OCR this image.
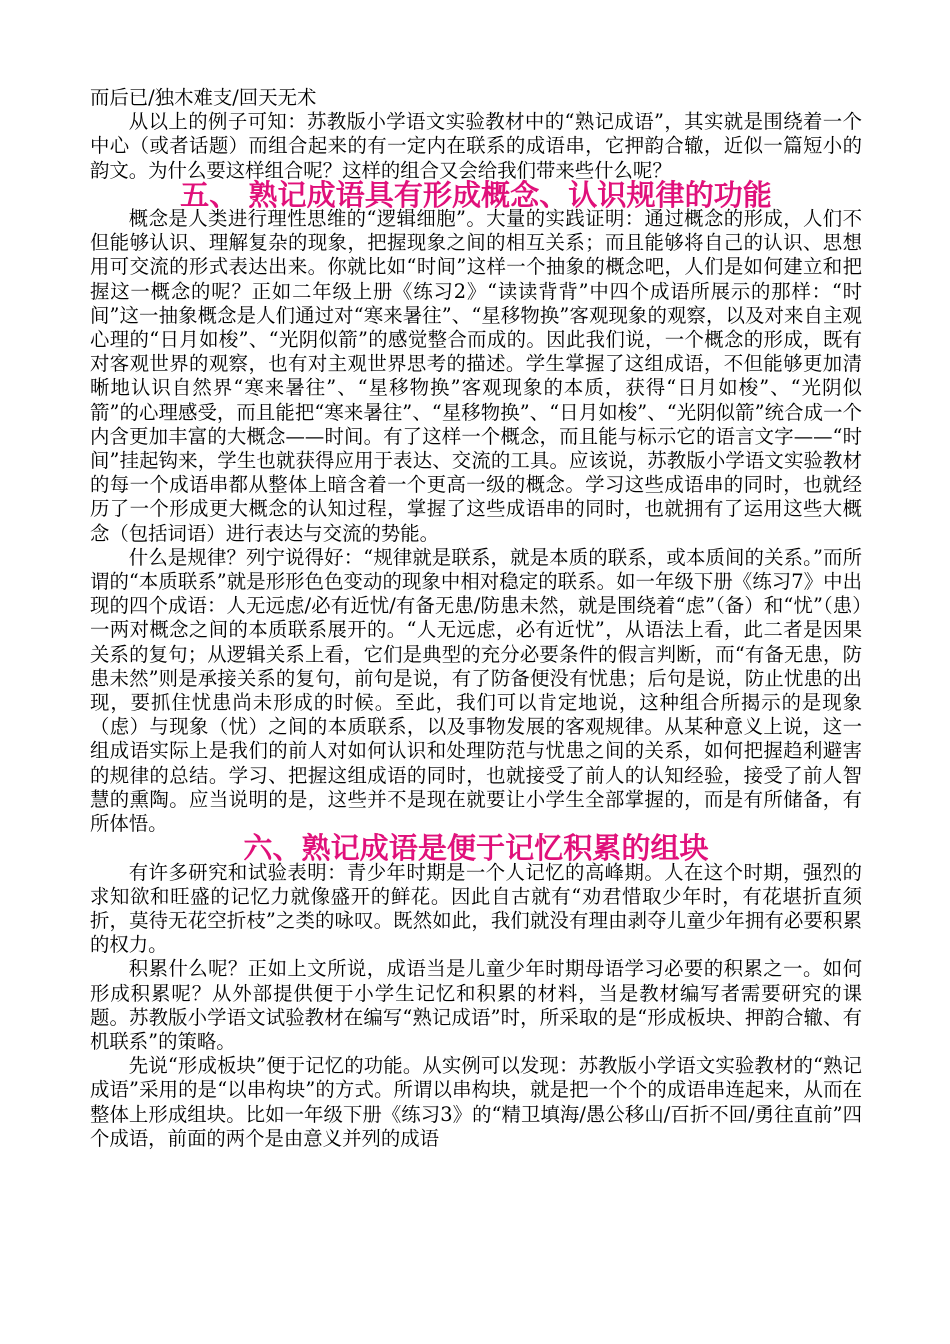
而后已/独木难支/回天无术

从以上的例子可知：苏教版小学语文实验教材中的“熟记成语”，其实就是围绕着一个中心（或者话题）而组合起来的有一定内在联系的成语串，它押韵合辙，近似一篇短小的韵文。为什么要这样组合呢？这样的组合又会给我们带来些什么呢？

五、 熟记成语具有形成概念、认识规律的功能

概念是人类进行理性思维的“逻辑细胞”。大量的实践证明：通过概念的形成，人们不但能够认识、理解复杂的现象，把握现象之间的相互关系；而且能够将自己的认识、思想用可交流的形式表达出来。你就比如“时间”这样一个抽象的概念吧，人们是如何建立和把握这一概念的呢？正如二年级上册《练习2》“读读背背”中四个成语所展示的那样：“时间”这一抽象概念是人们通过对“寒来暑往”、“星移物换”客观现象的观察，以及对来自主观心理的“日月如梭”、“光阴似箭”的感觉整合而成的。因此我们说，一个概念的形成，既有对客观世界的观察，也有对主观世界思考的描述。学生掌握了这组成语，不但能够更加清晰地认识自然界“寒来暑往”、“星移物换”客观现象的本质，获得“日月如梭”、“光阴似箭”的心理感受，而且能把“寒来暑往”、“星移物换”、“日月如梭”、“光阴似箭”统合成一个内含更加丰富的大概念——时间。有了这样一个概念，而且能与标示它的语言文字——“时间”挂起钩来，学生也就获得应用于表达、交流的工具。应该说，苏教版小学语文实验教材的每一个成语串都从整体上暗含着一个更高一级的概念。学习这些成语串的同时，也就经历了一个形成更大概念的认知过程，掌握了这些成语串的同时，也就拥有了运用这些大概念（包括词语）进行表达与交流的势能。

什么是规律？列宁说得好：“规律就是联系，就是本质的联系，或本质间的关系。”而所谓的“本质联系”就是形形色色变动的现象中相对稳定的联系。如一年级下册《练习7》中出现的四个成语：人无远虑/必有近忧/有备无患/防患未然，就是围绕着“虑”（备）和“忧”（患）一两对概念之间的本质联系展开的。“人无远虑，必有近忧”，从语法上看，此二者是因果关系的复句；从逻辑关系上看，它们是典型的充分必要条件的假言判断，而“有备无患，防患未然”则是承接关系的复句，前句是说，有了防备便没有忧患；后句是说，防止忧患的出现，要抓住忧患尚未形成的时候。至此，我们可以肯定地说，这种组合所揭示的是现象（虑）与现象（忧）之间的本质联系，以及事物发展的客观规律。从某种意义上说，这一组成语实际上是我们的前人对如何认识和处理防范与忧患之间的关系，如何把握趋利避害的规律的总结。学习、把握这组成语的同时，也就接受了前人的认知经验，接受了前人智慧的熏陶。应当说明的是，这些并不是现在就要让小学生全部掌握的，而是有所储备，有所体悟。

六、熟记成语是便于记忆积累的组块

有许多研究和试验表明：青少年时期是一个人记忆的高峰期。人在这个时期，强烈的求知欲和旺盛的记忆力就像盛开的鲜花。因此自古就有“劝君惜取少年时，有花堪折直须折，莫待无花空折枝”之类的咏叹。既然如此，我们就没有理由剥夺儿童少年拥有必要积累的权力。

积累什么呢？正如上文所说，成语当是儿童少年时期母语学习必要的积累之一。如何形成积累呢？从外部提供便于小学生记忆和积累的材料，当是教材编写者需要研究的课题。苏教版小学语文试验教材在编写“熟记成语”时，所采取的是“形成板块、押韵合辙、有机联系”的策略。

先说“形成板块”便于记忆的功能。从实例可以发现：苏教版小学语文实验教材的“熟记成语”采用的是“以串构块”的方式。所谓以串构块，就是把一个个的成语串连起来，从而在整体上形成组块。比如一年级下册《练习3》的“精卫填海/愚公移山/百折不回/勇往直前”四个成语，前面的两个是由意义并列的成语
